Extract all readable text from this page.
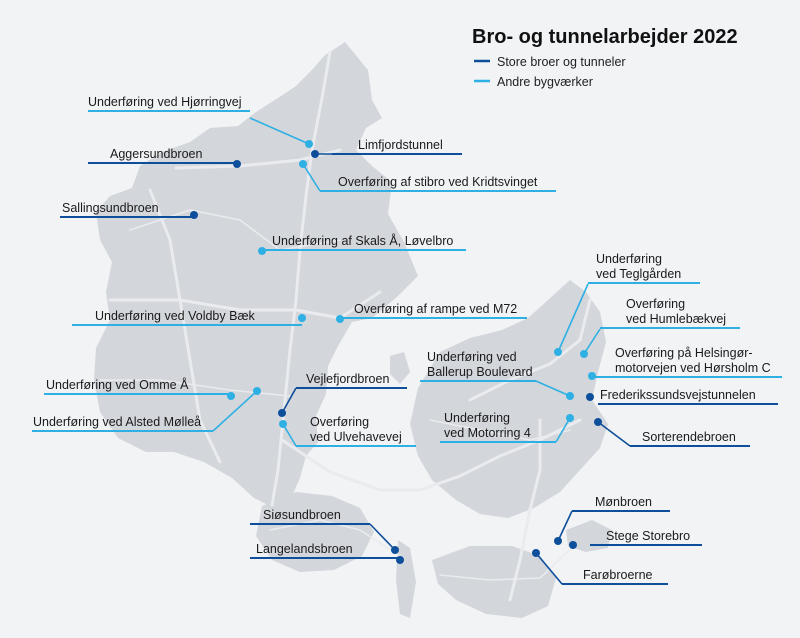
Underføring ved Hjørringvej
Aggersundbroen
Limfjordstunnel
Overføring af stibro ved Kridtsvinget
Sallingsundbroen
Underføring af Skals Å, Løvelbro
Underføring ved Voldby Bæk	Overføring af rampe ved M72
Underføring ved Omme Å
Underføring ved Alsted Mølleå
Vejlefjordbroen
Overføring ved Ulvehavevej
Underføring ved Teglgården
Overføring ved Humlebækvej
Underføring ved Ballerup Boulevard
Overføring på Helsingør-motorvejen ved Hørsholm C
Frederikssundsvejstunnelen
Underføring ved Motorring 4	Sorterendebroen
Siøsundbroen
Langelandsbroen
Mønbroen
Stege Storebro
Farøbroerne
Bro- og tunnelarbejder 2022
Store broer og tunneler
Andre bygværker
